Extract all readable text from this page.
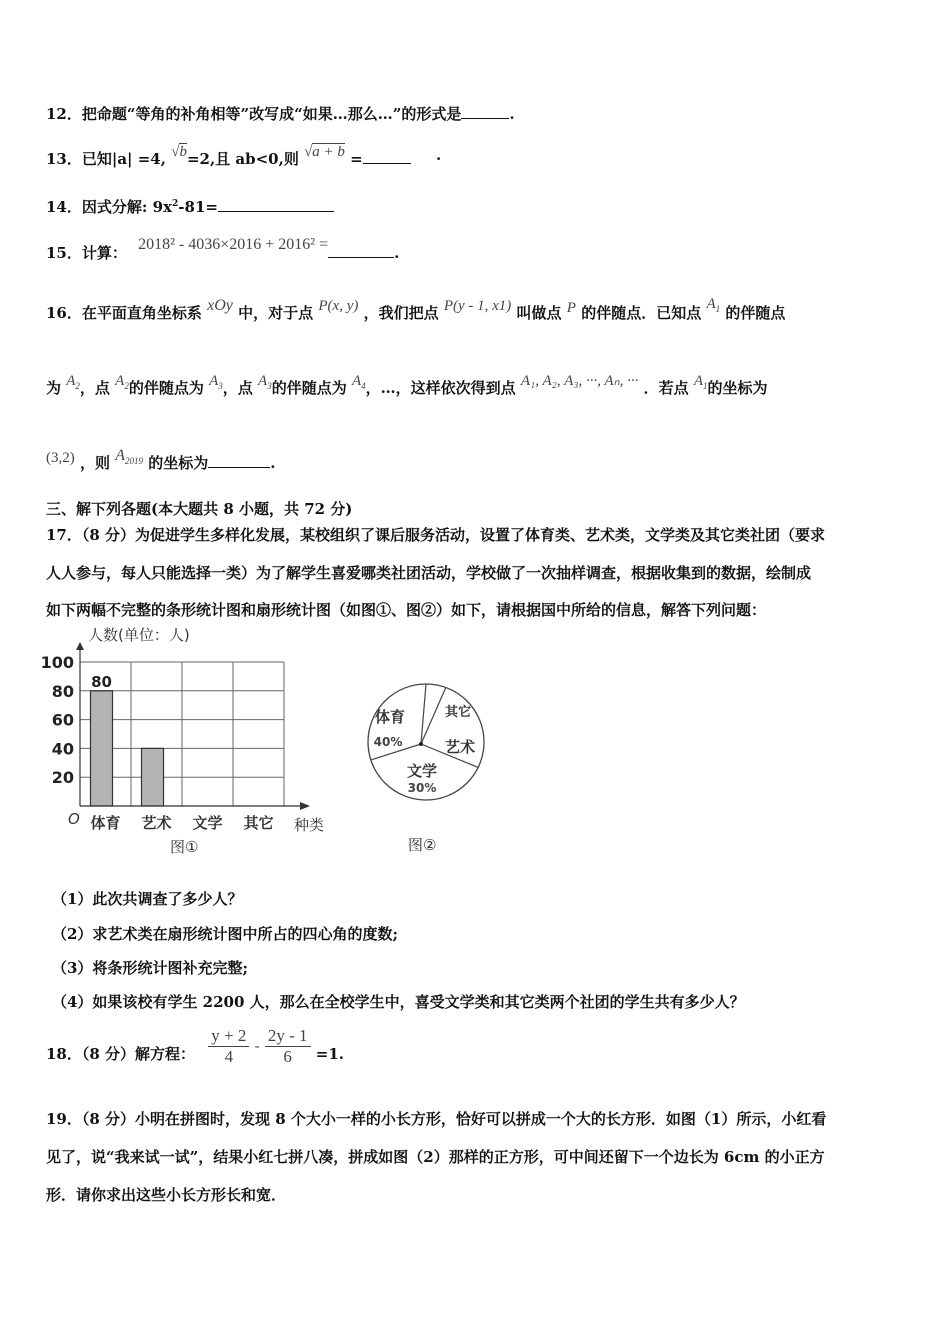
12．把命题“等角的补角相等”改写成“如果…那么…”的形式是	.
13．已知|a| =4, √b=2,且 ab<0,则 √a + b =	·
14．因式分解: $9x^2-81=$
15．计算： 2018² - 4036×2016 + 2016² =	.
16．在平面直角坐标系 xOy 中，对于点 P(x, y) ，我们把点 P(y - 1, x1) 叫做点 P 的伴随点．已知点 $A_1$ 的伴随点
为 $A_2$，点 $A_2$的伴随点为 $A_3$，点 $A_3$的伴随点为 $A_4$，…，这样依次得到点 A₁, A₂, A₃, ···, Aₙ, ··· ．若点 $A_1$的坐标为
(3,2) ，则 $A_{2019}$ 的坐标为	.
三、解下列各题(本大题共 8 小题，共 72 分)
17．（8 分）为促进学生多样化发展，某校组织了课后服务活动，设置了体育类、艺术类，文学类及其它类社团（要求
人人参与，每人只能选择一类）为了解学生喜爱哪类社团活动，学校做了一次抽样调查，根据收集到的数据，绘制成
如下两幅不完整的条形统计图和扇形统计图（如图①、图②）如下，请根据国中所给的信息，解答下列问题：
人数(单位：人)
20
40
60
80
100
80
体育 艺术 文学 其它
O	种类
图①
体育
40%	艺术
文学
30%
其它
图②
（1）此次共调查了多少人？
（2）求艺术类在扇形统计图中所占的四心角的度数;
（3）将条形统计图补充完整;
（4）如果该校有学生 2200 人，那么在全校学生中，喜受文学类和其它类两个社团的学生共有多少人？
18．（8 分）解方程： $\frac{y + 2}{4} - \frac{2y - 1}{6} =1$.
19．（8 分）小明在拼图时，发现 8 个大小一样的小长方形，恰好可以拼成一个大的长方形．如图（1）所示，小红看
见了，说“我来试一试”，结果小红七拼八凑，拼成如图（2）那样的正方形，可中间还留下一个边长为 6cm 的小正方
形．请你求出这些小长方形长和宽．
